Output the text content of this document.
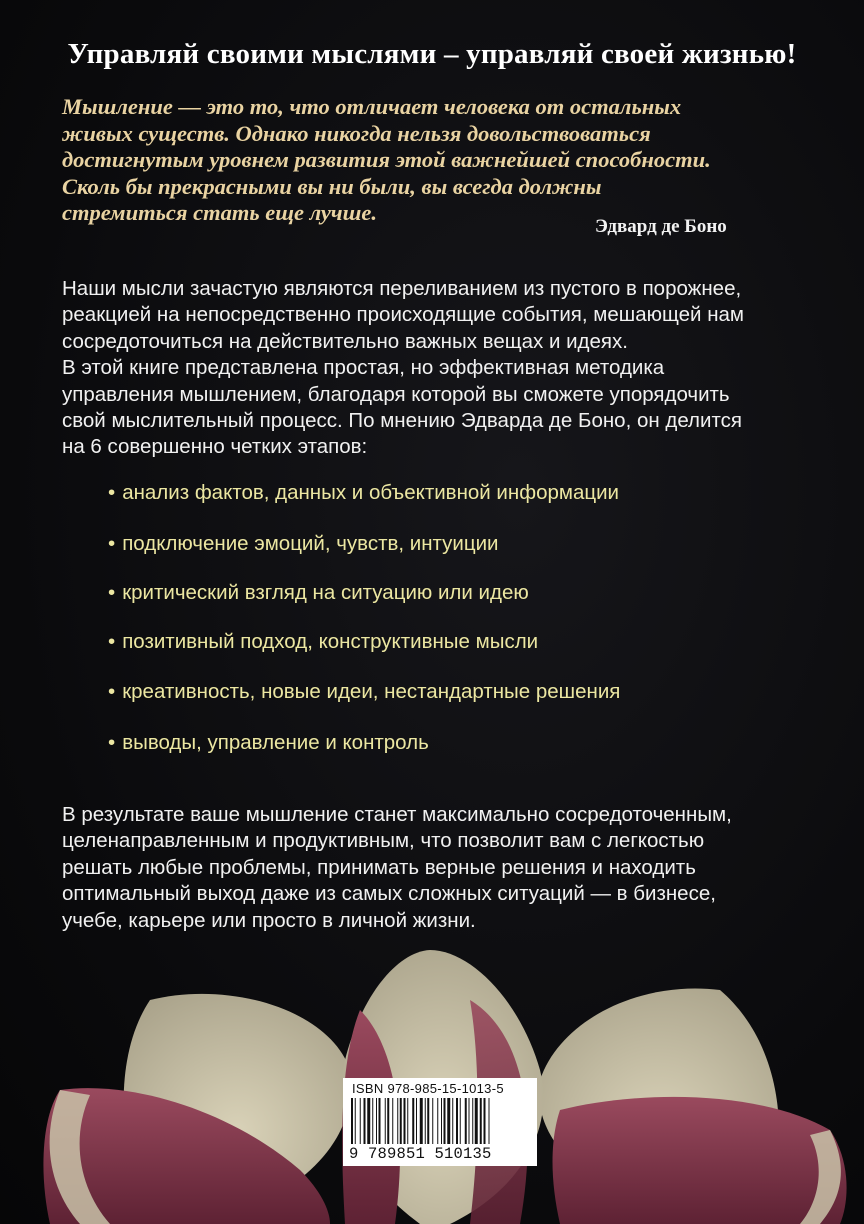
Управляй своими мыслями – управляй своей жизнью!
Мышление — это то, что отличает человека от остальных
живых существ. Однако никогда нельзя довольствоваться
достигнутым уровнем развития этой важнейшей способности.
Сколь бы прекрасными вы ни были, вы всегда должны
стремиться стать еще лучше.
Эдвард де Боно
Наши мысли зачастую являются переливанием из пустого в порожнее,
реакцией на непосредственно происходящие события, мешающей нам
сосредоточиться на действительно важных вещах и идеях.
В этой книге представлена простая, но эффективная методика
управления мышлением, благодаря которой вы сможете упорядочить
свой мыслительный процесс. По мнению Эдварда де Боно, он делится
на 6 совершенно четких этапов:
• анализ фактов, данных и объективной информации
• подключение эмоций, чувств, интуиции
• критический взгляд на ситуацию или идею
• позитивный подход, конструктивные мысли
• креативность, новые идеи, нестандартные решения
• выводы, управление и контроль
В результате ваше мышление станет максимально сосредоточенным,
целенаправленным и продуктивным, что позволит вам с легкостью
решать любые проблемы, принимать верные решения и находить
оптимальный выход даже из самых сложных ситуаций — в бизнесе,
учебе, карьере или просто в личной жизни.
ISBN 978-985-15-1013-5
9 789851 510135
